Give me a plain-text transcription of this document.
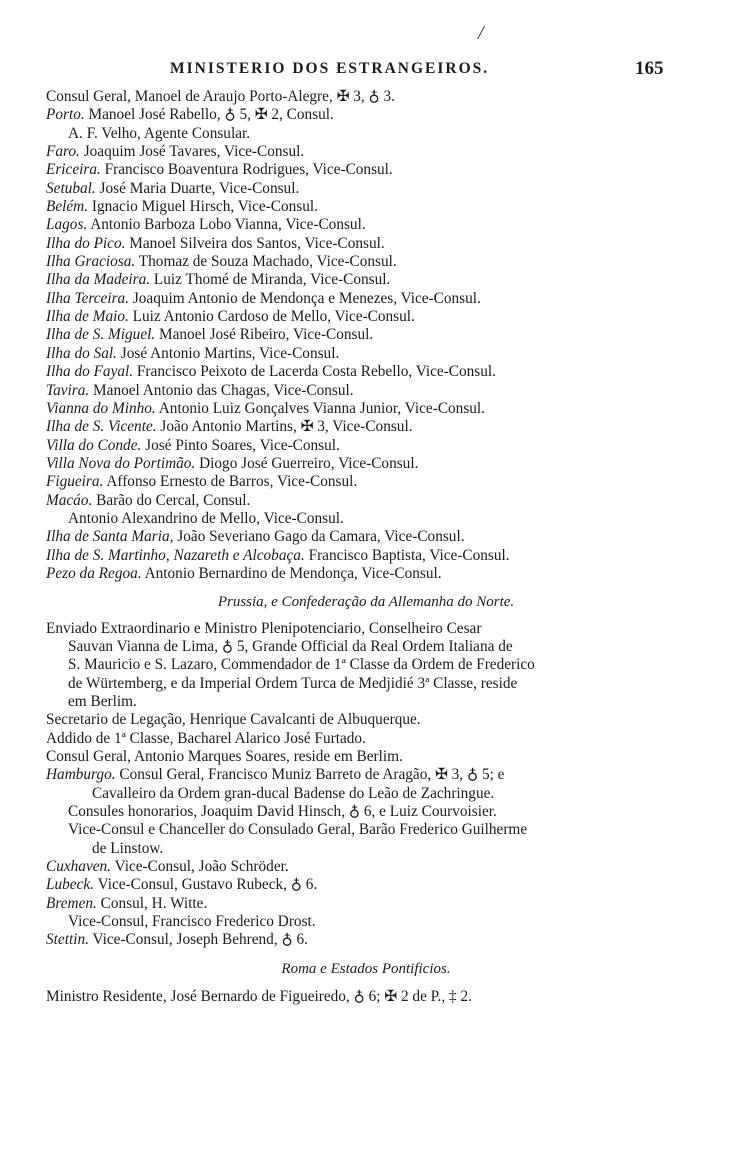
/
MINISTERIO DOS ESTRANGEIROS.	165
Consul Geral, Manoel de Araujo Porto-Alegre, ✠ 3, ♁ 3.
Porto. Manoel José Rabello, ♁ 5, ✠ 2, Consul.
A. F. Velho, Agente Consular.
Faro. Joaquim José Tavares, Vice-Consul.
Ericeira. Francisco Boaventura Rodrigues, Vice-Consul.
Setubal. José Maria Duarte, Vice-Consul.
Belém. Ignacio Miguel Hirsch, Vice-Consul.
Lagos. Antonio Barboza Lobo Vianna, Vice-Consul.
Ilha do Pico. Manoel Silveira dos Santos, Vice-Consul.
Ilha Graciosa. Thomaz de Souza Machado, Vice-Consul.
Ilha da Madeira. Luiz Thomé de Miranda, Vice-Consul.
Ilha Terceira. Joaquim Antonio de Mendonça e Menezes, Vice-Consul.
Ilha de Maio. Luiz Antonio Cardoso de Mello, Vice-Consul.
Ilha de S. Miguel. Manoel José Ribeiro, Vice-Consul.
Ilha do Sal. José Antonio Martins, Vice-Consul.
Ilha do Fayal. Francisco Peixoto de Lacerda Costa Rebello, Vice-Consul.
Tavira. Manoel Antonio das Chagas, Vice-Consul.
Vianna do Minho. Antonio Luiz Gonçalves Vianna Junior, Vice-Consul.
Ilha de S. Vicente. João Antonio Martins, ✠ 3, Vice-Consul.
Villa do Conde. José Pinto Soares, Vice-Consul.
Villa Nova do Portimão. Diogo José Guerreiro, Vice-Consul.
Figueira. Affonso Ernesto de Barros, Vice-Consul.
Macáo. Barão do Cercal, Consul.
Antonio Alexandrino de Mello, Vice-Consul.
Ilha de Santa Maria, João Severiano Gago da Camara, Vice-Consul.
Ilha de S. Martinho, Nazareth e Alcobaça. Francisco Baptista, Vice-Consul.
Pezo da Regoa. Antonio Bernardino de Mendonça, Vice-Consul.
Prussia, e Confederação da Allemanha do Norte.
Enviado Extraordinario e Ministro Plenipotenciario, Conselheiro Cesar
Sauvan Vianna de Lima, ♁ 5, Grande Official da Real Ordem Italiana de
S. Mauricio e S. Lazaro, Commendador de 1ª Classe da Ordem de Frederico
de Würtemberg, e da Imperial Ordem Turca de Medjidié 3ª Classe, reside
em Berlim.
Secretario de Legação, Henrique Cavalcanti de Albuquerque.
Addido de 1ª Classe, Bacharel Alarico José Furtado.
Consul Geral, Antonio Marques Soares, reside em Berlim.
Hamburgo. Consul Geral, Francisco Muniz Barreto de Aragão, ✠ 3, ♁ 5; e
Cavalleiro da Ordem gran-ducal Badense do Leão de Zachringue.
Consules honorarios, Joaquim David Hinsch, ♁ 6, e Luiz Courvoisier.
Vice-Consul e Chanceller do Consulado Geral, Barão Frederico Guilherme
de Linstow.
Cuxhaven. Vice-Consul, João Schröder.
Lubeck. Vice-Consul, Gustavo Rubeck, ♁ 6.
Bremen. Consul, H. Witte.
Vice-Consul, Francisco Frederico Drost.
Stettin. Vice-Consul, Joseph Behrend, ♁ 6.
Roma e Estados Pontificios.
Ministro Residente, José Bernardo de Figueiredo, ♁ 6; ✠ 2 de P., ‡ 2.
